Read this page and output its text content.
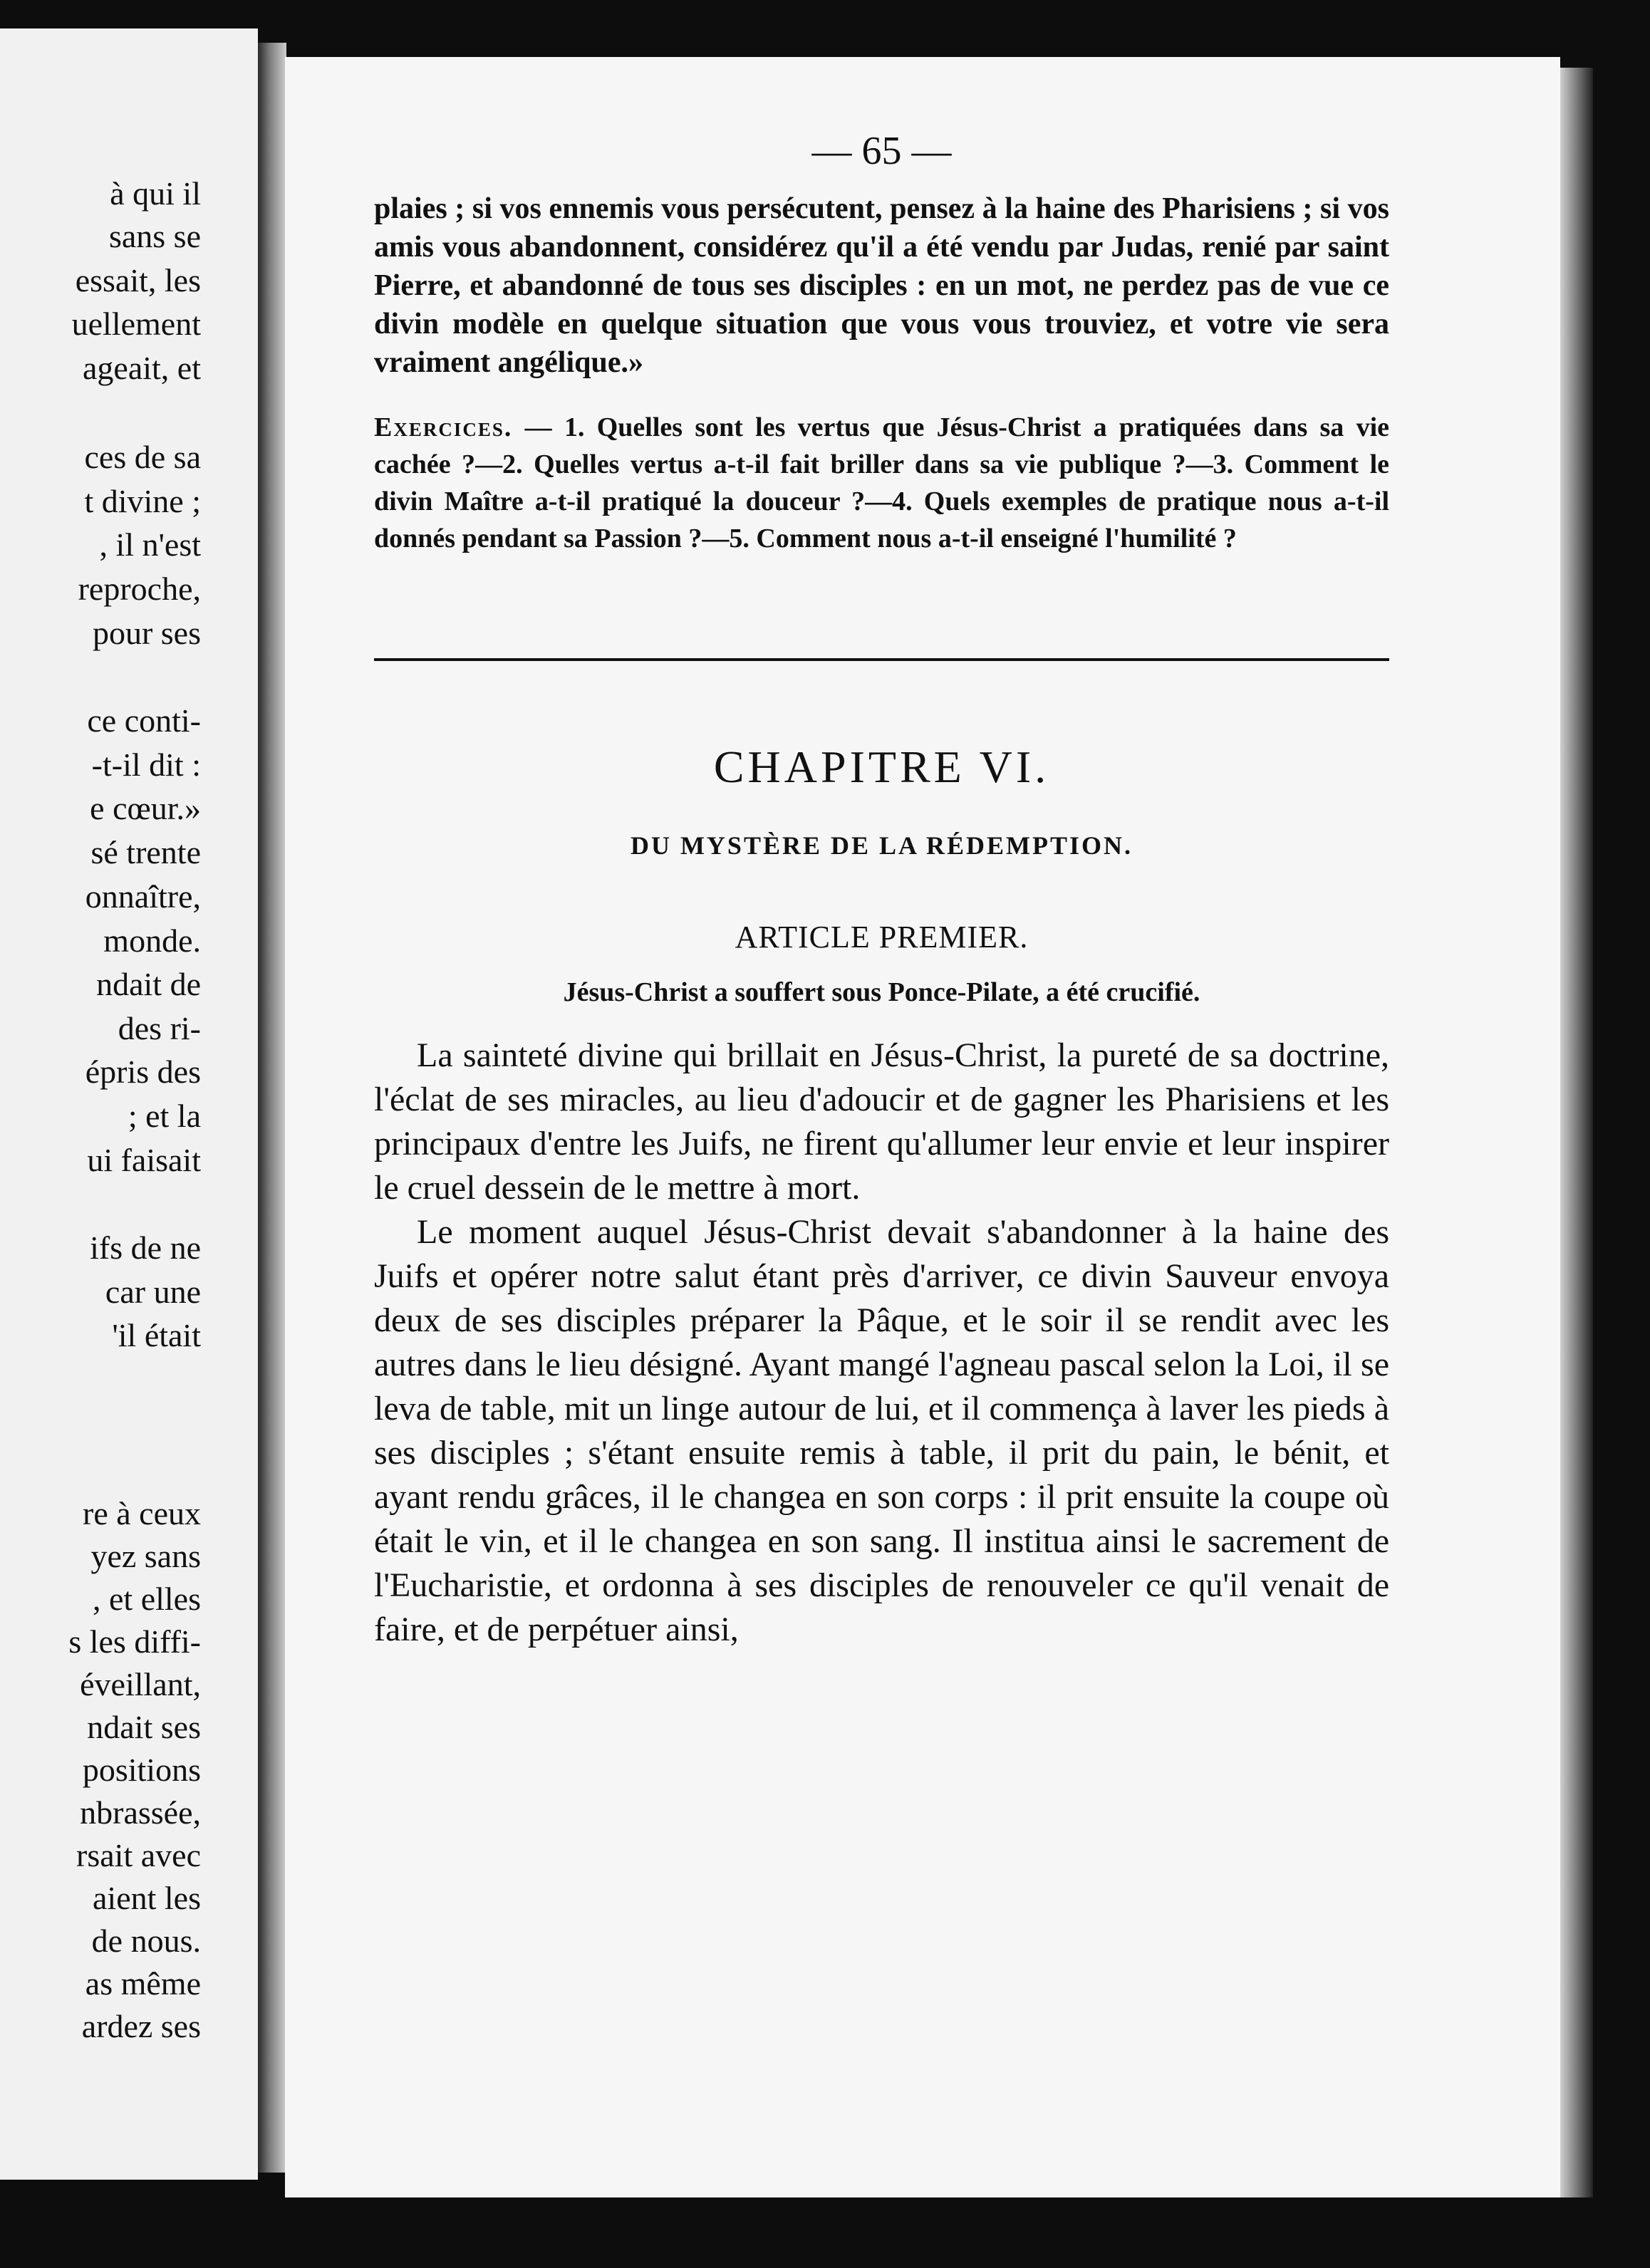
à qui il
sans se
essait, les
uellement
ageait, et
ces de sa
t divine ;
, il n'est
reproche,
pour ses
ce conti-
-t-il dit :
e cœur.»
sé trente
onnaître,
monde.
ndait de
des ri-
épris des
; et la
ui faisait
ifs de ne
car une
'il était
re à ceux
yez sans
, et elles
s les diffi-
éveillant,
ndait ses
positions
nbrassée,
rsait avec
aient les
de nous.
as même
ardez ses
— 65 —

plaies ; si vos ennemis vous persécutent, pensez à la haine des Pharisiens ; si vos amis vous abandonnent, considérez qu'il a été vendu par Judas, renié par saint Pierre, et abandonné de tous ses disciples : en un mot, ne perdez pas de vue ce divin modèle en quelque situation que vous vous trouviez, et votre vie sera vraiment angélique.»

Exercices. — 1. Quelles sont les vertus que Jésus-Christ a pratiquées dans sa vie cachée ?—2. Quelles vertus a-t-il fait briller dans sa vie publique ?—3. Comment le divin Maître a-t-il pratiqué la douceur ?—4. Quels exemples de pratique nous a-t-il donnés pendant sa Passion ?—5. Comment nous a-t-il enseigné l'humilité ?

CHAPITRE VI.
DU MYSTÈRE DE LA RÉDEMPTION.
ARTICLE PREMIER.
Jésus-Christ a souffert sous Ponce-Pilate, a été crucifié.

La sainteté divine qui brillait en Jésus-Christ, la pureté de sa doctrine, l'éclat de ses miracles, au lieu d'adoucir et de gagner les Pharisiens et les principaux d'entre les Juifs, ne firent qu'allumer leur envie et leur inspirer le cruel dessein de le mettre à mort.

Le moment auquel Jésus-Christ devait s'abandonner à la haine des Juifs et opérer notre salut étant près d'arriver, ce divin Sauveur envoya deux de ses disciples préparer la Pâque, et le soir il se rendit avec les autres dans le lieu désigné. Ayant mangé l'agneau pascal selon la Loi, il se leva de table, mit un linge autour de lui, et il commença à laver les pieds à ses disciples ; s'étant ensuite remis à table, il prit du pain, le bénit, et ayant rendu grâces, il le changea en son corps : il prit ensuite la coupe où était le vin, et il le changea en son sang. Il institua ainsi le sacrement de l'Eucharistie, et ordonna à ses disciples de renouveler ce qu'il venait de faire, et de perpétuer ainsi,
